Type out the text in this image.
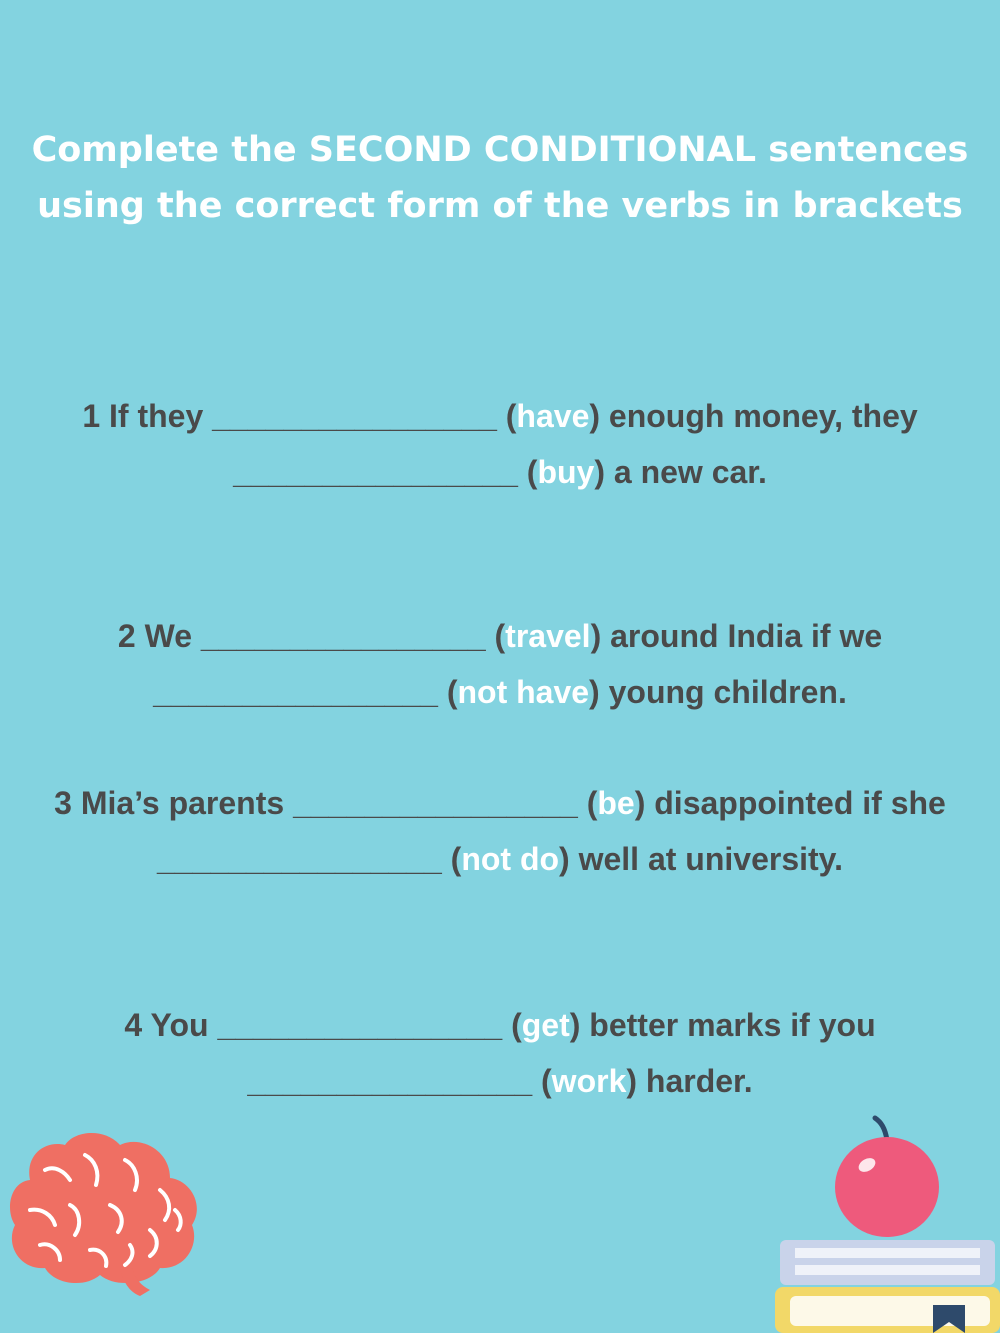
Complete the SECOND CONDITIONAL sentences
using the correct form of the verbs in brackets
1 If they ________________ (have) enough money, they
________________ (buy) a new car.
2 We ________________ (travel) around India if we
________________ (not have) young children.
3 Mia’s parents ________________ (be) disappointed if she
________________ (not do) well at university.
4 You ________________ (get) better marks if you
________________ (work) harder.
